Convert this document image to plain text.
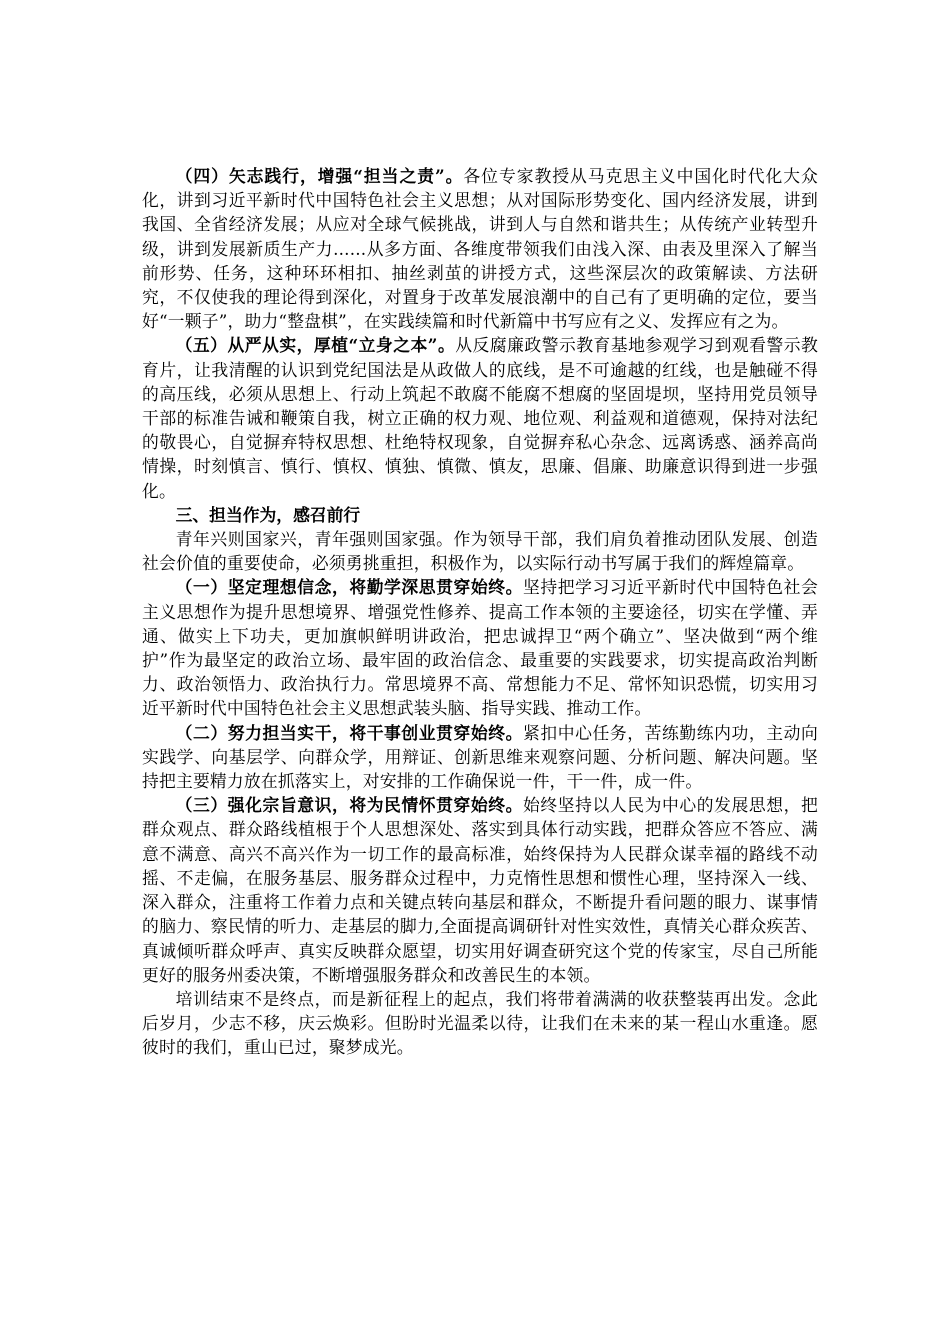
（四）矢志践行，增强“担当之责”。各位专家教授从马克思主义中国化时代化大众化，讲到习近平新时代中国特色社会主义思想；从对国际形势变化、国内经济发展，讲到我国、全省经济发展；从应对全球气候挑战，讲到人与自然和谐共生；从传统产业转型升级，讲到发展新质生产力......从多方面、各维度带领我们由浅入深、由表及里深入了解当前形势、任务，这种环环相扣、抽丝剥茧的讲授方式，这些深层次的政策解读、方法研究，不仅使我的理论得到深化，对置身于改革发展浪潮中的自己有了更明确的定位，要当好“一颗子”，助力“整盘棋”，在实践续篇和时代新篇中书写应有之义、发挥应有之为。

（五）从严从实，厚植“立身之本”。从反腐廉政警示教育基地参观学习到观看警示教育片，让我清醒的认识到党纪国法是从政做人的底线，是不可逾越的红线，也是触碰不得的高压线，必须从思想上、行动上筑起不敢腐不能腐不想腐的坚固堤坝，坚持用党员领导干部的标准告诫和鞭策自我，树立正确的权力观、地位观、利益观和道德观，保持对法纪的敬畏心，自觉摒弃特权思想、杜绝特权现象，自觉摒弃私心杂念、远离诱惑、涵养高尚情操，时刻慎言、慎行、慎权、慎独、慎微、慎友，思廉、倡廉、助廉意识得到进一步强化。

三、担当作为，感召前行

青年兴则国家兴，青年强则国家强。作为领导干部，我们肩负着推动团队发展、创造社会价值的重要使命，必须勇挑重担，积极作为，以实际行动书写属于我们的辉煌篇章。

（一）坚定理想信念，将勤学深思贯穿始终。坚持把学习习近平新时代中国特色社会主义思想作为提升思想境界、增强党性修养、提高工作本领的主要途径，切实在学懂、弄通、做实上下功夫，更加旗帜鲜明讲政治，把忠诚捍卫“两个确立”、坚决做到“两个维护”作为最坚定的政治立场、最牢固的政治信念、最重要的实践要求，切实提高政治判断力、政治领悟力、政治执行力。常思境界不高、常想能力不足、常怀知识恐慌，切实用习近平新时代中国特色社会主义思想武装头脑、指导实践、推动工作。

（二）努力担当实干，将干事创业贯穿始终。紧扣中心任务，苦练勤练内功，主动向实践学、向基层学、向群众学，用辩证、创新思维来观察问题、分析问题、解决问题。坚持把主要精力放在抓落实上，对安排的工作确保说一件，干一件，成一件。

（三）强化宗旨意识，将为民情怀贯穿始终。始终坚持以人民为中心的发展思想，把群众观点、群众路线植根于个人思想深处、落实到具体行动实践，把群众答应不答应、满意不满意、高兴不高兴作为一切工作的最高标准，始终保持为人民群众谋幸福的路线不动摇、不走偏，在服务基层、服务群众过程中，力克惰性思想和惯性心理，坚持深入一线、深入群众，注重将工作着力点和关键点转向基层和群众，不断提升看问题的眼力、谋事情的脑力、察民情的听力、走基层的脚力,全面提高调研针对性实效性，真情关心群众疾苦、真诚倾听群众呼声、真实反映群众愿望，切实用好调查研究这个党的传家宝，尽自己所能更好的服务州委决策，不断增强服务群众和改善民生的本领。

培训结束不是终点，而是新征程上的起点，我们将带着满满的收获整装再出发。念此后岁月，少志不移，庆云焕彩。但盼时光温柔以待，让我们在未来的某一程山水重逢。愿彼时的我们，重山已过，聚梦成光。
